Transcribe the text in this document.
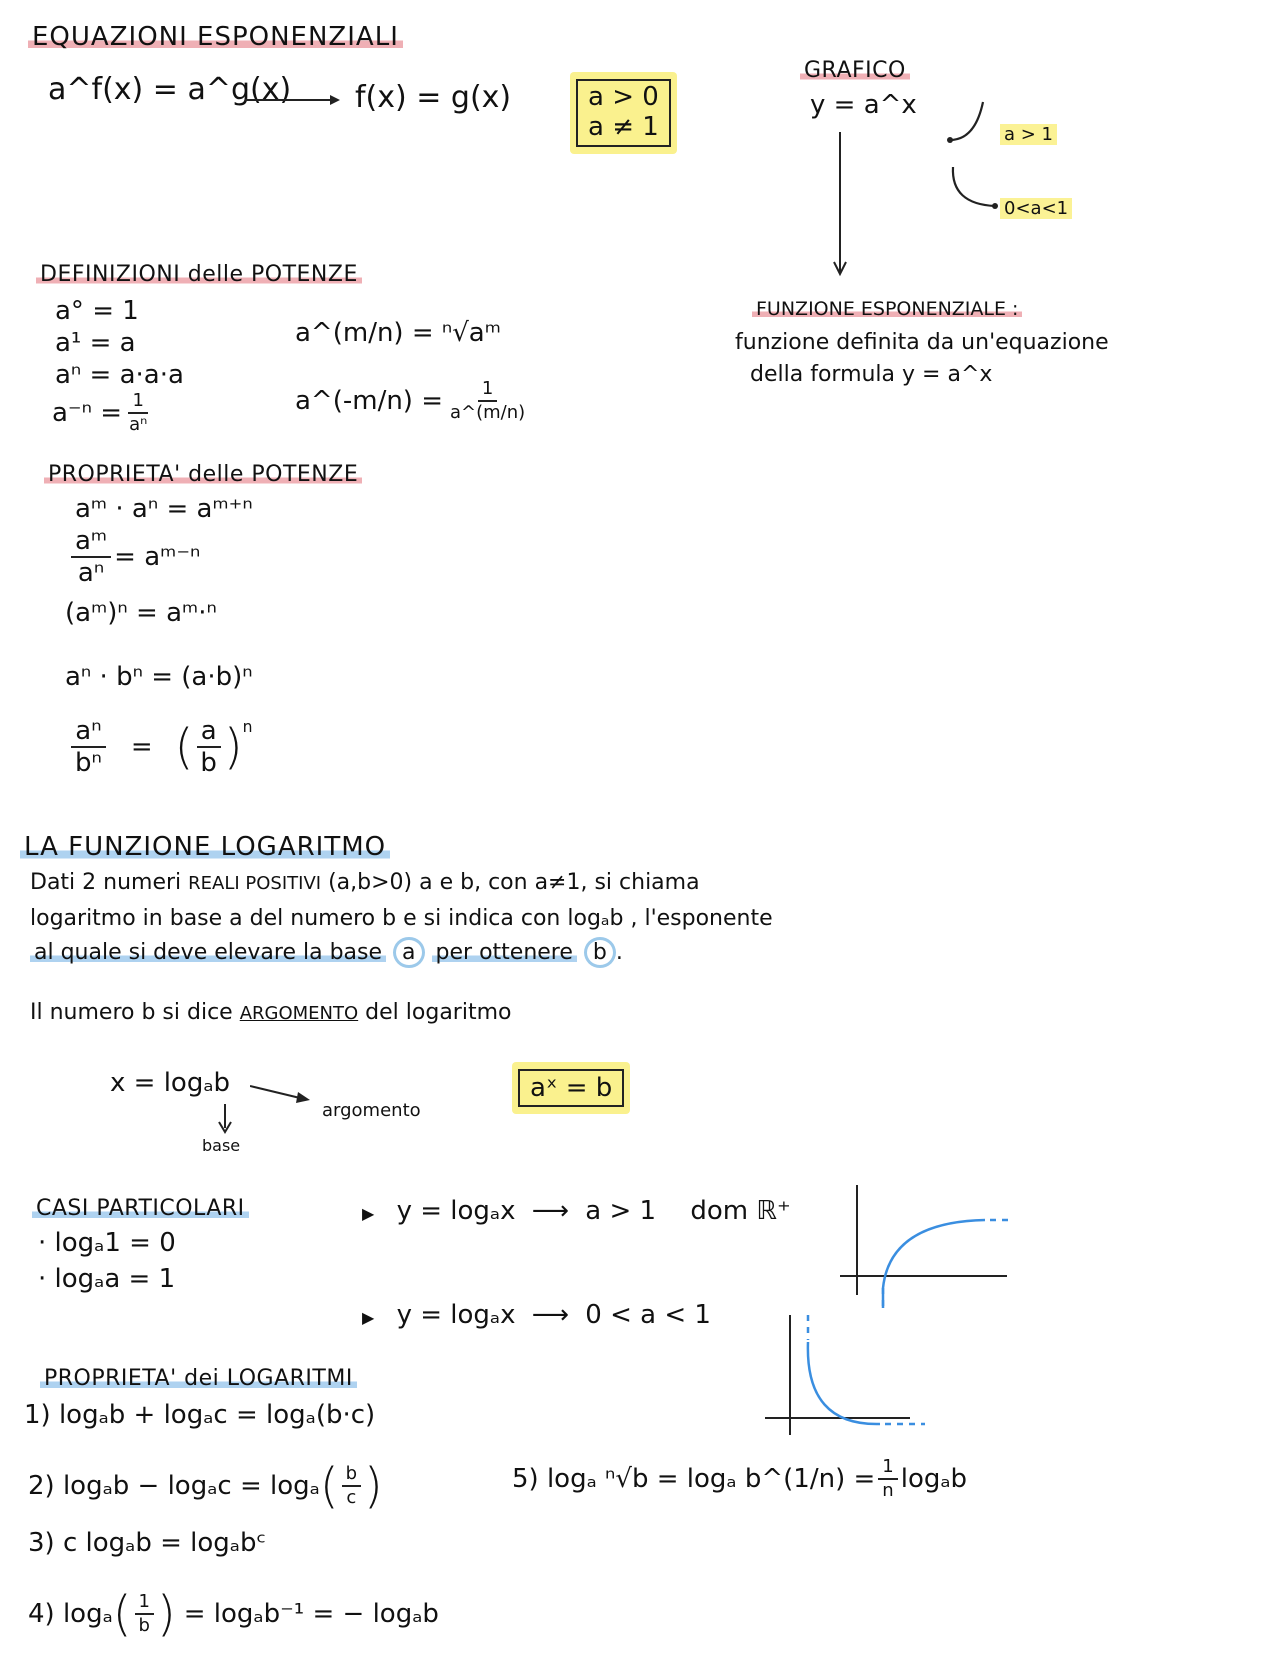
EQUAZIONI ESPONENZIALI
a^f(x) = a^g(x) f(x) = g(x)	a > 0
a ≠ 1
GRAFICO
y = a^x
a > 1
0<a<1
FUNZIONE ESPONENZIALE :
funzione definita da un'equazione
della formula y = a^x
DEFINIZIONI delle POTENZE
a° = 1
a¹ = a
aⁿ = a·a·a
$a^{-n} = \frac{1}{\text{aⁿ}}$
a^(m/n) = ⁿ√aᵐ
a^(-m/n) = $\frac{1}{a\^{}(m/n)}$
PROPRIETA' delle POTENZE
aᵐ · aⁿ = aᵐ⁺ⁿ
$\frac{\text{aᵐ}}{\text{aⁿ}}$ = aᵐ⁻ⁿ
(aᵐ)ⁿ = aᵐ·ⁿ
aⁿ · bⁿ = (a·b)ⁿ
$\frac{\text{aⁿ}}{\text{bⁿ}}$ = ( $\frac{a}{b} )^n$
LA FUNZIONE LOGARITMO
Dati 2 numeri REALI POSITIVI (a,b>0) a e b, con a≠1, si chiama
logaritmo in base a del numero b e si indica con logₐb , l'esponente
al quale si deve elevare la base a per ottenere b .
Il numero b si dice ARGOMENTO del logaritmo
x = logₐb
argomento
base
aˣ = b
CASI PARTICOLARI
· logₐ1 = 0
· logₐa = 1
▶ y = logₐx ⟶ a > 1 dom ℝ⁺
▶ y = logₐx ⟶ 0 < a < 1
PROPRIETA' dei LOGARITMI
1) logₐb + logₐc = logₐ(b·c)
2) logₐb − logₐc = logₐ ( $\frac{b}{c}$ )
3) c logₐb = logₐbᶜ
4) logₐ ( $\frac{1}{b}$ ) = logₐb⁻¹ = − logₐb
5) logₐ ⁿ√b = logₐ b^(1/n) = $\frac{1}{n}$ logₐb
